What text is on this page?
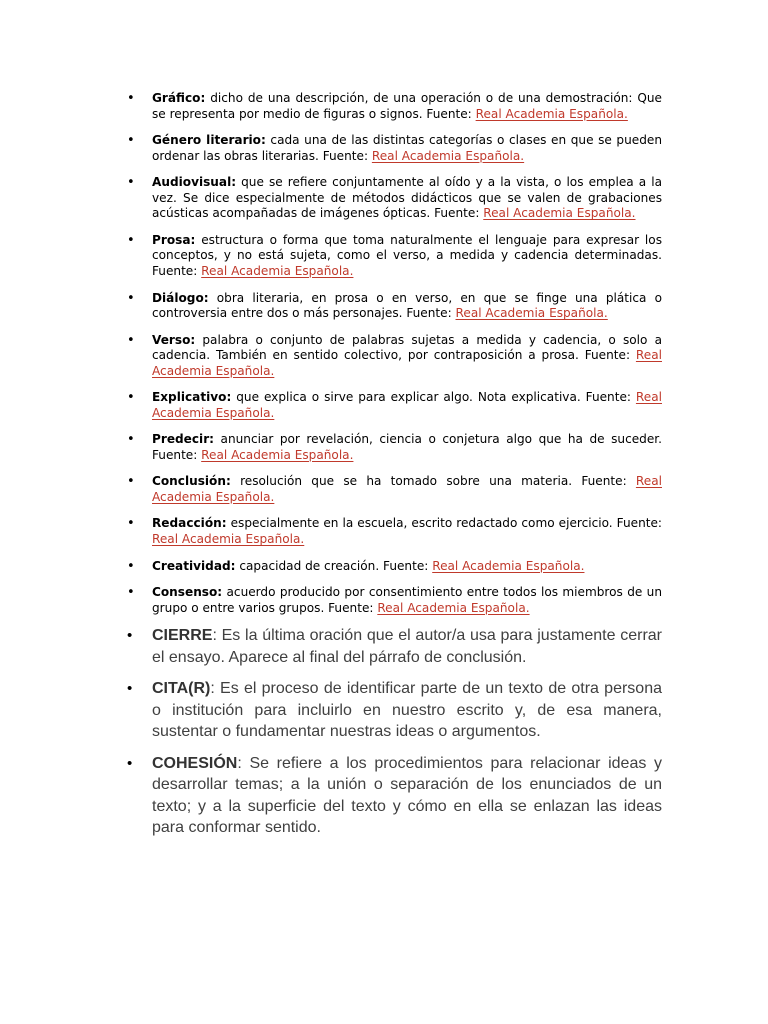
• Gráfico: dicho de una descripción, de una operación o de una demostración: Que se representa por medio de figuras o signos. Fuente: Real Academia Española.
• Género literario: cada una de las distintas categorías o clases en que se pueden ordenar las obras literarias. Fuente: Real Academia Española.
• Audiovisual: que se refiere conjuntamente al oído y a la vista, o los emplea a la vez. Se dice especialmente de métodos didácticos que se valen de grabaciones acústicas acompañadas de imágenes ópticas. Fuente: Real Academia Española.
• Prosa: estructura o forma que toma naturalmente el lenguaje para expresar los conceptos, y no está sujeta, como el verso, a medida y cadencia determinadas. Fuente: Real Academia Española.
• Diálogo: obra literaria, en prosa o en verso, en que se finge una plática o controversia entre dos o más personajes. Fuente: Real Academia Española.
• Verso: palabra o conjunto de palabras sujetas a medida y cadencia, o solo a cadencia. También en sentido colectivo, por contraposición a prosa. Fuente: Real Academia Española.
• Explicativo: que explica o sirve para explicar algo. Nota explicativa. Fuente: Real Academia Española.
• Predecir: anunciar por revelación, ciencia o conjetura algo que ha de suceder. Fuente: Real Academia Española.
• Conclusión: resolución que se ha tomado sobre una materia. Fuente: Real Academia Española.
• Redacción: especialmente en la escuela, escrito redactado como ejercicio. Fuente: Real Academia Española.
• Creatividad: capacidad de creación. Fuente: Real Academia Española.
• Consenso: acuerdo producido por consentimiento entre todos los miembros de un grupo o entre varios grupos. Fuente: Real Academia Española.
• CIERRE: Es la última oración que el autor/a usa para justamente cerrar el ensayo. Aparece al final del párrafo de conclusión.
• CITA(R): Es el proceso de identificar parte de un texto de otra persona o institución para incluirlo en nuestro escrito y, de esa manera, sustentar o fundamentar nuestras ideas o argumentos.
• COHESIÓN: Se refiere a los procedimientos para relacionar ideas y desarrollar temas; a la unión o separación de los enunciados de un texto; y a la superficie del texto y cómo en ella se enlazan las ideas para conformar sentido.
